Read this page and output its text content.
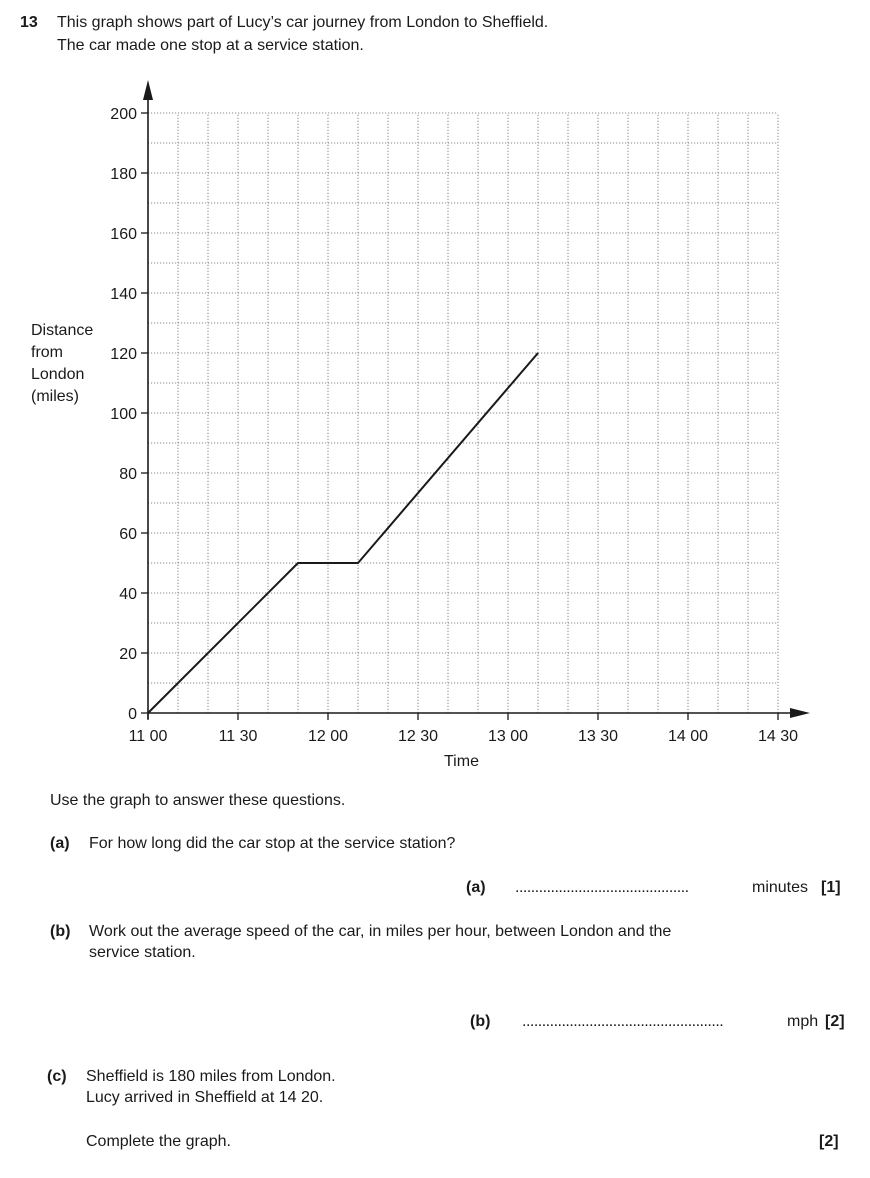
13 This graph shows part of Lucy’s car journey from London to Sheffield.
The car made one stop at a service station.
Distance
from
London
(miles)
0
20
40
60
80
100
120
140
160
180
200
11 00	11 30	12 00	12 30	13 00	13 30	14 00	14 30
Time
Use the graph to answer these questions.
(a) For how long did the car stop at the service station?
(a) ............................................	minutes [1]
(b) Work out the average speed of the car, in miles per hour, between London and the
service station.
(b) ...................................................	mph [2]
(c) Sheffield is 180 miles from London.
Lucy arrived in Sheffield at 14 20.
Complete the graph.	[2]
